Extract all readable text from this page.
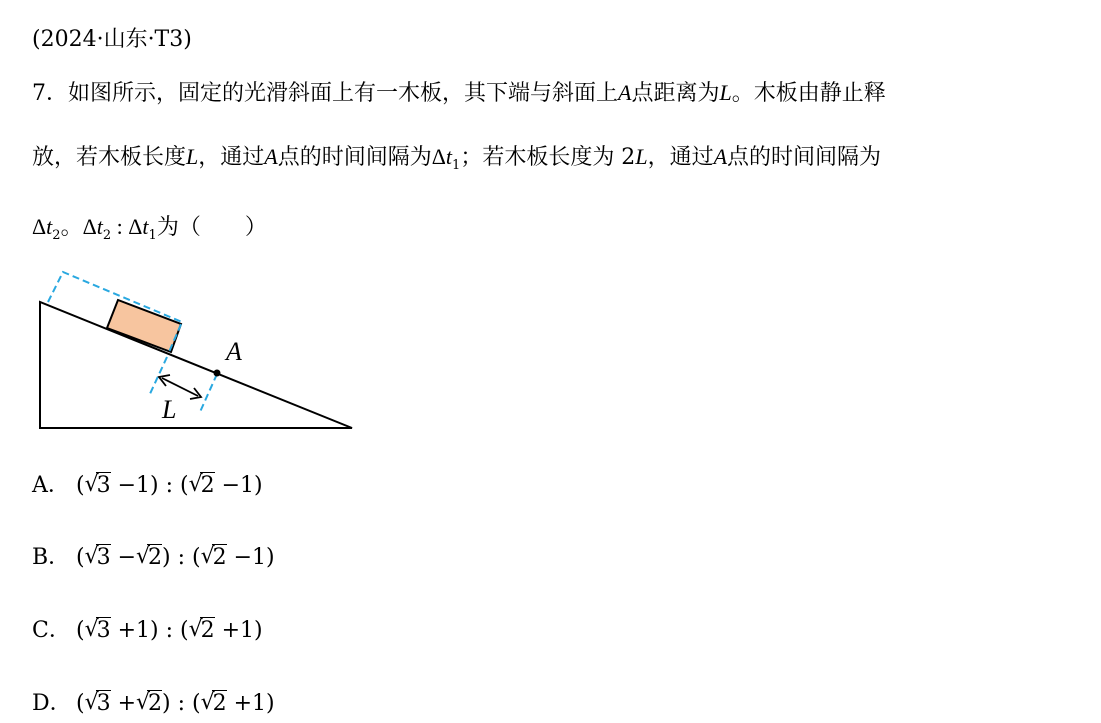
(2024·山东·T3)
7．如图所示，固定的光滑斜面上有一木板，其下端与斜面上A点距离为L。木板由静止释
放，若木板长度L，通过A点的时间间隔为$\Delta t_1$；若木板长度为 2L，通过A点的时间间隔为
$\Delta t_2$。$\Delta t_2$ : $\Delta t_1$为（　　）
A
L
A． ( √
3 −1) : ( √
2 −1)
B． ( √
3 − √
2) : ( √
2 −1)
C． ( √
3 +1) : ( √
2 +1)
D． ( √
3 + √
2) : ( √
2 +1)
